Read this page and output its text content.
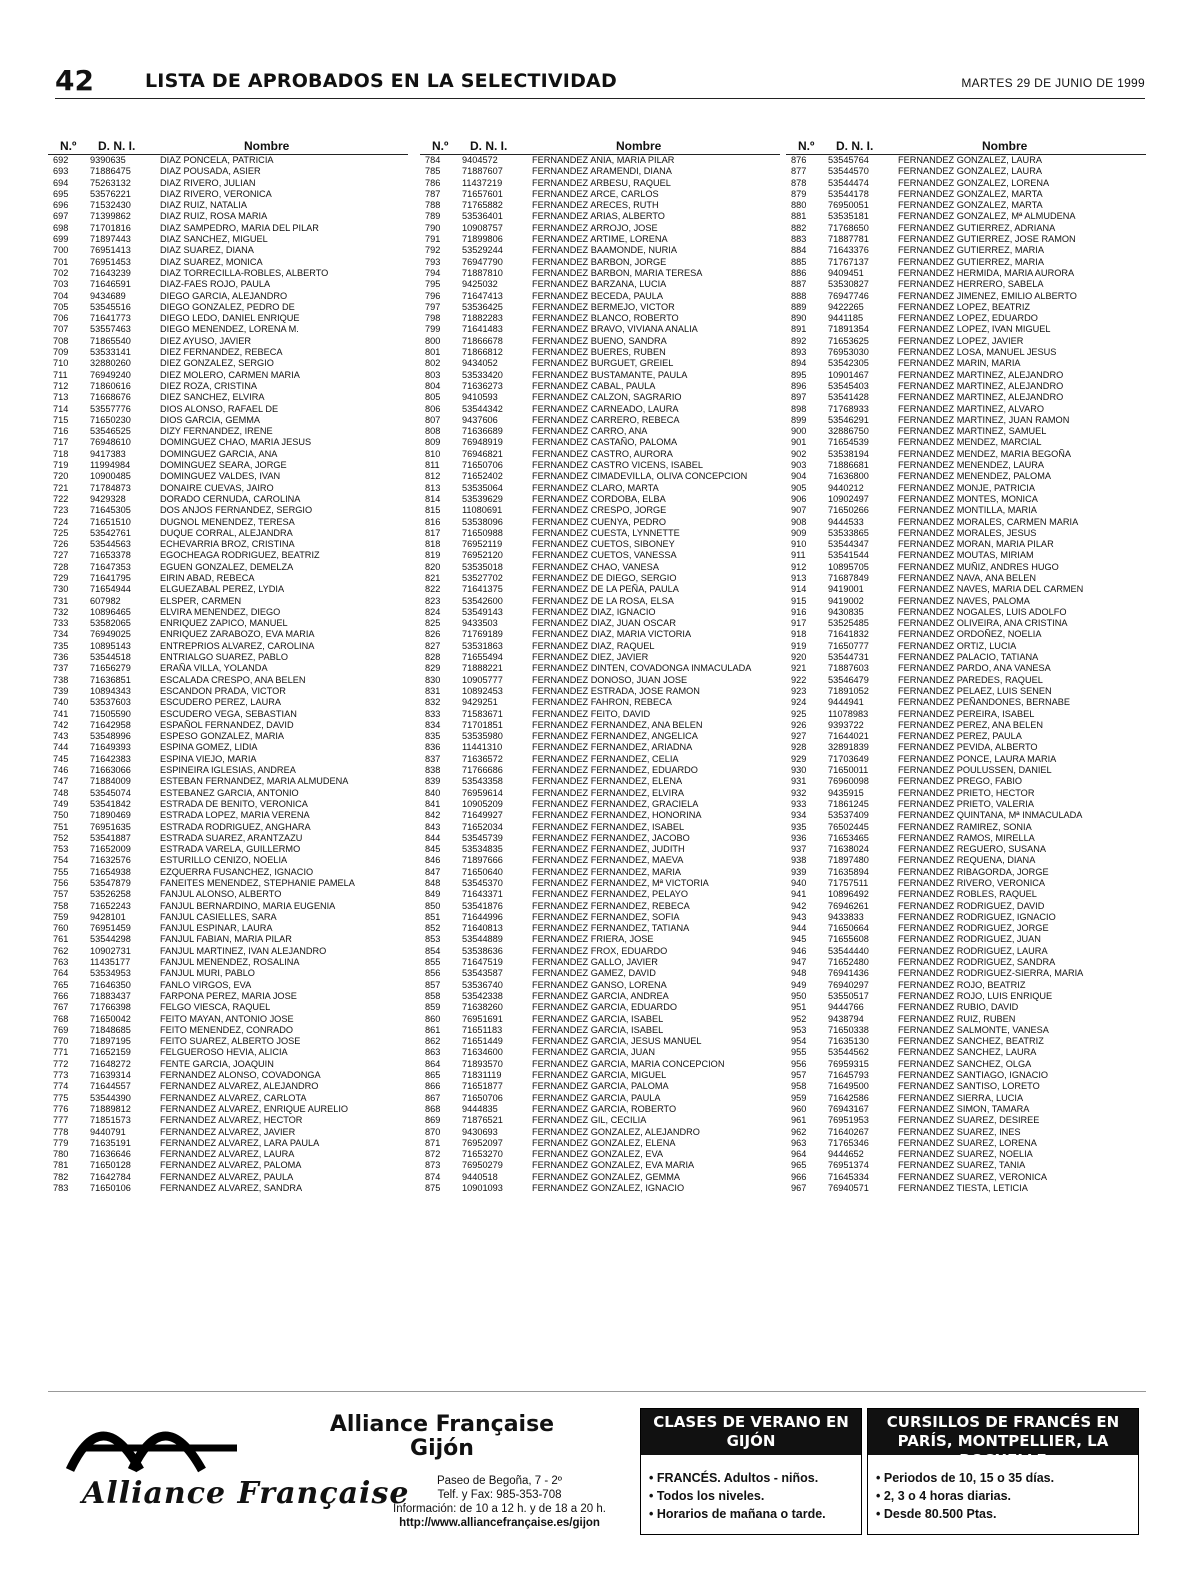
42	LISTA DE APROBADOS EN LA SELECTIVIDAD	MARTES 29 DE JUNIO DE 1999
N.º D. N. I.	Nombre
692	9390635	DIAZ PONCELA, PATRICIA
693	71886475	DIAZ POUSADA, ASIER
694	75263132	DIAZ RIVERO, JULIAN
695	53576221	DIAZ RIVERO, VERONICA
696	71532430	DIAZ RUIZ, NATALIA
697	71399862	DIAZ RUIZ, ROSA MARIA
698	71701816	DIAZ SAMPEDRO, MARIA DEL PILAR
699	71897443	DIAZ SANCHEZ, MIGUEL
700	76951413	DIAZ SUAREZ, DIANA
701	76951453	DIAZ SUAREZ, MONICA
702	71643239	DIAZ TORRECILLA-ROBLES, ALBERTO
703	71646591	DIAZ-FAES ROJO, PAULA
704	9434689	DIEGO GARCIA, ALEJANDRO
705	53545516	DIEGO GONZALEZ, PEDRO DE
706	71641773	DIEGO LEDO, DANIEL ENRIQUE
707	53557463	DIEGO MENENDEZ, LORENA M.
708	71865540	DIEZ AYUSO, JAVIER
709	53533141	DIEZ FERNANDEZ, REBECA
710	32880260	DIEZ GONZALEZ, SERGIO
711	76949240	DIEZ MOLERO, CARMEN MARIA
712	71860616	DIEZ ROZA, CRISTINA
713	71668676	DIEZ SANCHEZ, ELVIRA
714	53557776	DIOS ALONSO, RAFAEL DE
715	71650230	DIOS GARCIA, GEMMA
716	53546525	DIZY FERNANDEZ, IRENE
717	76948610	DOMINGUEZ CHAO, MARIA JESUS
718	9417383	DOMINGUEZ GARCIA, ANA
719	11994984	DOMINGUEZ SEARA, JORGE
720	10900485	DOMINGUEZ VALDES, IVAN
721	71784873	DONAIRE CUEVAS, JAIRO
722	9429328	DORADO CERNUDA, CAROLINA
723	71645305	DOS ANJOS FERNANDEZ, SERGIO
724	71651510	DUGNOL MENENDEZ, TERESA
725	53542761	DUQUE CORRAL, ALEJANDRA
726	53544563	ECHEVARRIA BROZ, CRISTINA
727	71653378	EGOCHEAGA RODRIGUEZ, BEATRIZ
728	71647353	EGUEN GONZALEZ, DEMELZA
729	71641795	EIRIN ABAD, REBECA
730	71654944	ELGUEZABAL PEREZ, LYDIA
731	607982	ELSPER, CARMEN
732	10896465	ELVIRA MENENDEZ, DIEGO
733	53582065	ENRIQUEZ ZAPICO, MANUEL
734	76949025	ENRIQUEZ ZARABOZO, EVA MARIA
735	10895143	ENTREPRIOS ALVAREZ, CAROLINA
736	53544518	ENTRIALGO SUAREZ, PABLO
737	71656279	ERAÑA VILLA, YOLANDA
738	71636851	ESCALADA CRESPO, ANA BELEN
739	10894343	ESCANDON PRADA, VICTOR
740	53537603	ESCUDERO PEREZ, LAURA
741	71505590	ESCUDERO VEGA, SEBASTIAN
742	71642958	ESPAÑOL FERNANDEZ, DAVID
743	53548996	ESPESO GONZALEZ, MARIA
744	71649393	ESPINA GOMEZ, LIDIA
745	71642383	ESPINA VIEJO, MARIA
746	71663066	ESPINEIRA IGLESIAS, ANDREA
747	71884009	ESTEBAN FERNANDEZ, MARIA ALMUDENA
748	53545074	ESTEBANEZ GARCIA, ANTONIO
749	53541842	ESTRADA DE BENITO, VERONICA
750	71890469	ESTRADA LOPEZ, MARIA VERENA
751	76951635	ESTRADA RODRIGUEZ, ANGHARA
752	53541887	ESTRADA SUAREZ, ARANTZAZU
753	71652009	ESTRADA VARELA, GUILLERMO
754	71632576	ESTURILLO CENIZO, NOELIA
755	71654938	EZQUERRA FUSANCHEZ, IGNACIO
756	53547879	FANEITES MENENDEZ, STEPHANIE PAMELA
757	53526258	FANJUL ALONSO, ALBERTO
758	71652243	FANJUL BERNARDINO, MARIA EUGENIA
759	9428101	FANJUL CASIELLES, SARA
760	76951459	FANJUL ESPINAR, LAURA
761	53544298	FANJUL FABIAN, MARIA PILAR
762	10902731	FANJUL MARTINEZ, IVAN ALEJANDRO
763	11435177	FANJUL MENENDEZ, ROSALINA
764	53534953	FANJUL MURI, PABLO
765	71646350	FANLO VIRGOS, EVA
766	71883437	FARPONA PEREZ, MARIA JOSE
767	71766398	FELGO VIESCA, RAQUEL
768	71650042	FEITO MAYAN, ANTONIO JOSE
769	71848685	FEITO MENENDEZ, CONRADO
770	71897195	FEITO SUAREZ, ALBERTO JOSE
771	71652159	FELGUEROSO HEVIA, ALICIA
772	71648272	FENTE GARCIA, JOAQUIN
773	71639314	FERNANDEZ ALONSO, COVADONGA
774	71644557	FERNANDEZ ALVAREZ, ALEJANDRO
775	53544390	FERNANDEZ ALVAREZ, CARLOTA
776	71889812	FERNANDEZ ALVAREZ, ENRIQUE AURELIO
777	71851573	FERNANDEZ ALVAREZ, HECTOR
778	9440791	FERNANDEZ ALVAREZ, JAVIER
779	71635191	FERNANDEZ ALVAREZ, LARA PAULA
780	71636646	FERNANDEZ ALVAREZ, LAURA
781	71650128	FERNANDEZ ALVAREZ, PALOMA
782	71642784	FERNANDEZ ALVAREZ, PAULA
783	71650106	FERNANDEZ ALVAREZ, SANDRA
N.º D. N. I.	Nombre
784	9404572	FERNANDEZ ANIA, MARIA PILAR
785	71887607	FERNANDEZ ARAMENDI, DIANA
786	11437219	FERNANDEZ ARBESU, RAQUEL
787	71657601	FERNANDEZ ARCE, CARLOS
788	71765882	FERNANDEZ ARECES, RUTH
789	53536401	FERNANDEZ ARIAS, ALBERTO
790	10908757	FERNANDEZ ARROJO, JOSE
791	71899806	FERNANDEZ ARTIME, LORENA
792	53529244	FERNANDEZ BAAMONDE, NURIA
793	76947790	FERNANDEZ BARBON, JORGE
794	71887810	FERNANDEZ BARBON, MARIA TERESA
795	9425032	FERNANDEZ BARZANA, LUCIA
796	71647413	FERNANDEZ BECEDA, PAULA
797	53536425	FERNANDEZ BERMEJO, VICTOR
798	71882283	FERNANDEZ BLANCO, ROBERTO
799	71641483	FERNANDEZ BRAVO, VIVIANA ANALIA
800	71866678	FERNANDEZ BUENO, SANDRA
801	71866812	FERNANDEZ BUERES, RUBEN
802	9434052	FERNANDEZ BURGUET, GREIEL
803	53533420	FERNANDEZ BUSTAMANTE, PAULA
804	71636273	FERNANDEZ CABAL, PAULA
805	9410593	FERNANDEZ CALZON, SAGRARIO
806	53544342	FERNANDEZ CARNEADO, LAURA
807	9437606	FERNANDEZ CARRERO, REBECA
808	71636689	FERNANDEZ CARRO, ANA
809	76948919	FERNANDEZ CASTAÑO, PALOMA
810	76946821	FERNANDEZ CASTRO, AURORA
811	71650706	FERNANDEZ CASTRO VICENS, ISABEL
812	71652402	FERNANDEZ CIMADEVILLA, OLIVA CONCEPCION
813	53535064	FERNANDEZ CLARO, MARTA
814	53539629	FERNANDEZ CORDOBA, ELBA
815	11080691	FERNANDEZ CRESPO, JORGE
816	53538096	FERNANDEZ CUENYA, PEDRO
817	71650988	FERNANDEZ CUESTA, LYNNETTE
818	76952119	FERNANDEZ CUETOS, SIBONEY
819	76952120	FERNANDEZ CUETOS, VANESSA
820	53535018	FERNANDEZ CHAO, VANESA
821	53527702	FERNANDEZ DE DIEGO, SERGIO
822	71641375	FERNANDEZ DE LA PEÑA, PAULA
823	53542600	FERNANDEZ DE LA ROSA, ELSA
824	53549143	FERNANDEZ DIAZ, IGNACIO
825	9433503	FERNANDEZ DIAZ, JUAN OSCAR
826	71769189	FERNANDEZ DIAZ, MARIA VICTORIA
827	53531863	FERNANDEZ DIAZ, RAQUEL
828	71655494	FERNANDEZ DIEZ, JAVIER
829	71888221	FERNANDEZ DINTEN, COVADONGA INMACULADA
830	10905777	FERNANDEZ DONOSO, JUAN JOSE
831	10892453	FERNANDEZ ESTRADA, JOSE RAMON
832	9429251	FERNANDEZ FAHRON, REBECA
833	71583671	FERNANDEZ FEITO, DAVID
834	71701851	FERNANDEZ FERNANDEZ, ANA BELEN
835	53535980	FERNANDEZ FERNANDEZ, ANGELICA
836	11441310	FERNANDEZ FERNANDEZ, ARIADNA
837	71636572	FERNANDEZ FERNANDEZ, CELIA
838	71766686	FERNANDEZ FERNANDEZ, EDUARDO
839	53543358	FERNANDEZ FERNANDEZ, ELENA
840	76959614	FERNANDEZ FERNANDEZ, ELVIRA
841	10905209	FERNANDEZ FERNANDEZ, GRACIELA
842	71649927	FERNANDEZ FERNANDEZ, HONORINA
843	71652034	FERNANDEZ FERNANDEZ, ISABEL
844	53545739	FERNANDEZ FERNANDEZ, JACOBO
845	53534835	FERNANDEZ FERNANDEZ, JUDITH
846	71897666	FERNANDEZ FERNANDEZ, MAEVA
847	71650640	FERNANDEZ FERNANDEZ, MARIA
848	53545370	FERNANDEZ FERNANDEZ, Mª VICTORIA
849	71643371	FERNANDEZ FERNANDEZ, PELAYO
850	53541876	FERNANDEZ FERNANDEZ, REBECA
851	71644996	FERNANDEZ FERNANDEZ, SOFIA
852	71640813	FERNANDEZ FERNANDEZ, TATIANA
853	53544889	FERNANDEZ FRIERA, JOSE
854	53538636	FERNANDEZ FROX, EDUARDO
855	71647519	FERNANDEZ GALLO, JAVIER
856	53543587	FERNANDEZ GAMEZ, DAVID
857	53536740	FERNANDEZ GANSO, LORENA
858	53542338	FERNANDEZ GARCIA, ANDREA
859	71638260	FERNANDEZ GARCIA, EDUARDO
860	76951691	FERNANDEZ GARCIA, ISABEL
861	71651183	FERNANDEZ GARCIA, ISABEL
862	71651449	FERNANDEZ GARCIA, JESUS MANUEL
863	71634600	FERNANDEZ GARCIA, JUAN
864	71893570	FERNANDEZ GARCIA, MARIA CONCEPCION
865	71831119	FERNANDEZ GARCIA, MIGUEL
866	71651877	FERNANDEZ GARCIA, PALOMA
867	71650706	FERNANDEZ GARCIA, PAULA
868	9444835	FERNANDEZ GARCIA, ROBERTO
869	71876521	FERNANDEZ GIL, CECILIA
870	9430693	FERNANDEZ GONZALEZ, ALEJANDRO
871	76952097	FERNANDEZ GONZALEZ, ELENA
872	71653270	FERNANDEZ GONZALEZ, EVA
873	76950279	FERNANDEZ GONZALEZ, EVA MARIA
874	9440518	FERNANDEZ GONZALEZ, GEMMA
875	10901093	FERNANDEZ GONZALEZ, IGNACIO
N.º D. N. I.	Nombre
876	53545764	FERNANDEZ GONZALEZ, LAURA
877	53544570	FERNANDEZ GONZALEZ, LAURA
878	53544474	FERNANDEZ GONZALEZ, LORENA
879	53544178	FERNANDEZ GONZALEZ, MARTA
880	76950051	FERNANDEZ GONZALEZ, MARTA
881	53535181	FERNANDEZ GONZALEZ, Mª ALMUDENA
882	71768650	FERNANDEZ GUTIERREZ, ADRIANA
883	71887781	FERNANDEZ GUTIERREZ, JOSE RAMON
884	71643376	FERNANDEZ GUTIERREZ, MARIA
885	71767137	FERNANDEZ GUTIERREZ, MARIA
886	9409451	FERNANDEZ HERMIDA, MARIA AURORA
887	53530827	FERNANDEZ HERRERO, SABELA
888	76947746	FERNANDEZ JIMENEZ, EMILIO ALBERTO
889	9422265	FERNANDEZ LOPEZ, BEATRIZ
890	9441185	FERNANDEZ LOPEZ, EDUARDO
891	71891354	FERNANDEZ LOPEZ, IVAN MIGUEL
892	71653625	FERNANDEZ LOPEZ, JAVIER
893	76953030	FERNANDEZ LOSA, MANUEL JESUS
894	53542305	FERNANDEZ MARIN, MARIA
895	10901467	FERNANDEZ MARTINEZ, ALEJANDRO
896	53545403	FERNANDEZ MARTINEZ, ALEJANDRO
897	53541428	FERNANDEZ MARTINEZ, ALEJANDRO
898	71768933	FERNANDEZ MARTINEZ, ALVARO
899	53546291	FERNANDEZ MARTINEZ, JUAN RAMON
900	32886750	FERNANDEZ MARTINEZ, SAMUEL
901	71654539	FERNANDEZ MENDEZ, MARCIAL
902	53538194	FERNANDEZ MENDEZ, MARIA BEGOÑA
903	71886681	FERNANDEZ MENENDEZ, LAURA
904	71636800	FERNANDEZ MENENDEZ, PALOMA
905	9440212	FERNANDEZ MONJE, PATRICIA
906	10902497	FERNANDEZ MONTES, MONICA
907	71650266	FERNANDEZ MONTILLA, MARIA
908	9444533	FERNANDEZ MORALES, CARMEN MARIA
909	53533865	FERNANDEZ MORALES, JESUS
910	53544347	FERNANDEZ MORAN, MARIA PILAR
911	53541544	FERNANDEZ MOUTAS, MIRIAM
912	10895705	FERNANDEZ MUÑIZ, ANDRES HUGO
913	71687849	FERNANDEZ NAVA, ANA BELEN
914	9419001	FERNANDEZ NAVES, MARIA DEL CARMEN
915	9419002	FERNANDEZ NAVES, PALOMA
916	9430835	FERNANDEZ NOGALES, LUIS ADOLFO
917	53525485	FERNANDEZ OLIVEIRA, ANA CRISTINA
918	71641832	FERNANDEZ ORDOÑEZ, NOELIA
919	71650777	FERNANDEZ ORTIZ, LUCIA
920	53544731	FERNANDEZ PALACIO, TATIANA
921	71887603	FERNANDEZ PARDO, ANA VANESA
922	53546479	FERNANDEZ PAREDES, RAQUEL
923	71891052	FERNANDEZ PELAEZ, LUIS SENEN
924	9444941	FERNANDEZ PEÑANDONES, BERNABE
925	11078983	FERNANDEZ PEREIRA, ISABEL
926	9393722	FERNANDEZ PEREZ, ANA BELEN
927	71644021	FERNANDEZ PEREZ, PAULA
928	32891839	FERNANDEZ PEVIDA, ALBERTO
929	71703649	FERNANDEZ PONCE, LAURA MARIA
930	71650011	FERNANDEZ POULUSSEN, DANIEL
931	76960098	FERNANDEZ PREGO, FABIO
932	9435915	FERNANDEZ PRIETO, HECTOR
933	71861245	FERNANDEZ PRIETO, VALERIA
934	53537409	FERNANDEZ QUINTANA, Mª INMACULADA
935	76502445	FERNANDEZ RAMIREZ, SONIA
936	71653465	FERNANDEZ RAMOS, MIRELLA
937	71638024	FERNANDEZ REGUERO, SUSANA
938	71897480	FERNANDEZ REQUENA, DIANA
939	71635894	FERNANDEZ RIBAGORDA, JORGE
940	71757511	FERNANDEZ RIVERO, VERONICA
941	10896492	FERNANDEZ ROBLES, RAQUEL
942	76946261	FERNANDEZ RODRIGUEZ, DAVID
943	9433833	FERNANDEZ RODRIGUEZ, IGNACIO
944	71650664	FERNANDEZ RODRIGUEZ, JORGE
945	71655608	FERNANDEZ RODRIGUEZ, JUAN
946	53544440	FERNANDEZ RODRIGUEZ, LAURA
947	71652480	FERNANDEZ RODRIGUEZ, SANDRA
948	76941436	FERNANDEZ RODRIGUEZ-SIERRA, MARIA
949	76940297	FERNANDEZ ROJO, BEATRIZ
950	53550517	FERNANDEZ ROJO, LUIS ENRIQUE
951	9444766	FERNANDEZ RUBIO, DAVID
952	9438794	FERNANDEZ RUIZ, RUBEN
953	71650338	FERNANDEZ SALMONTE, VANESA
954	71635130	FERNANDEZ SANCHEZ, BEATRIZ
955	53544562	FERNANDEZ SANCHEZ, LAURA
956	76959315	FERNANDEZ SANCHEZ, OLGA
957	71645793	FERNANDEZ SANTIAGO, IGNACIO
958	71649500	FERNANDEZ SANTISO, LORETO
959	71642586	FERNANDEZ SIERRA, LUCIA
960	76943167	FERNANDEZ SIMON, TAMARA
961	76951953	FERNANDEZ SUAREZ, DESIREE
962	71640267	FERNANDEZ SUAREZ, INES
963	71765346	FERNANDEZ SUAREZ, LORENA
964	9444652	FERNANDEZ SUAREZ, NOELIA
965	76951374	FERNANDEZ SUAREZ, TANIA
966	71645334	FERNANDEZ SUAREZ, VERONICA
967	76940571	FERNANDEZ TIESTA, LETICIA
Alliance Française
Gijón
Alliance Française	Paseo de Begoña, 7 - 2º
Telf. y Fax: 985-353-708
Información: de 10 a 12 h. y de 18 a 20 h.
http://www.alliancefrançaise.es/gijon
CLASES DE VERANO EN GIJÓN
• FRANCÉS. Adultos - niños.
• Todos los niveles.
• Horarios de mañana o tarde.
CURSILLOS DE FRANCÉS EN PARÍS, MONTPELLIER, LA ROCHELLE
• Periodos de 10, 15 o 35 días.
• 2, 3 o 4 horas diarias.
• Desde 80.500 Ptas.
